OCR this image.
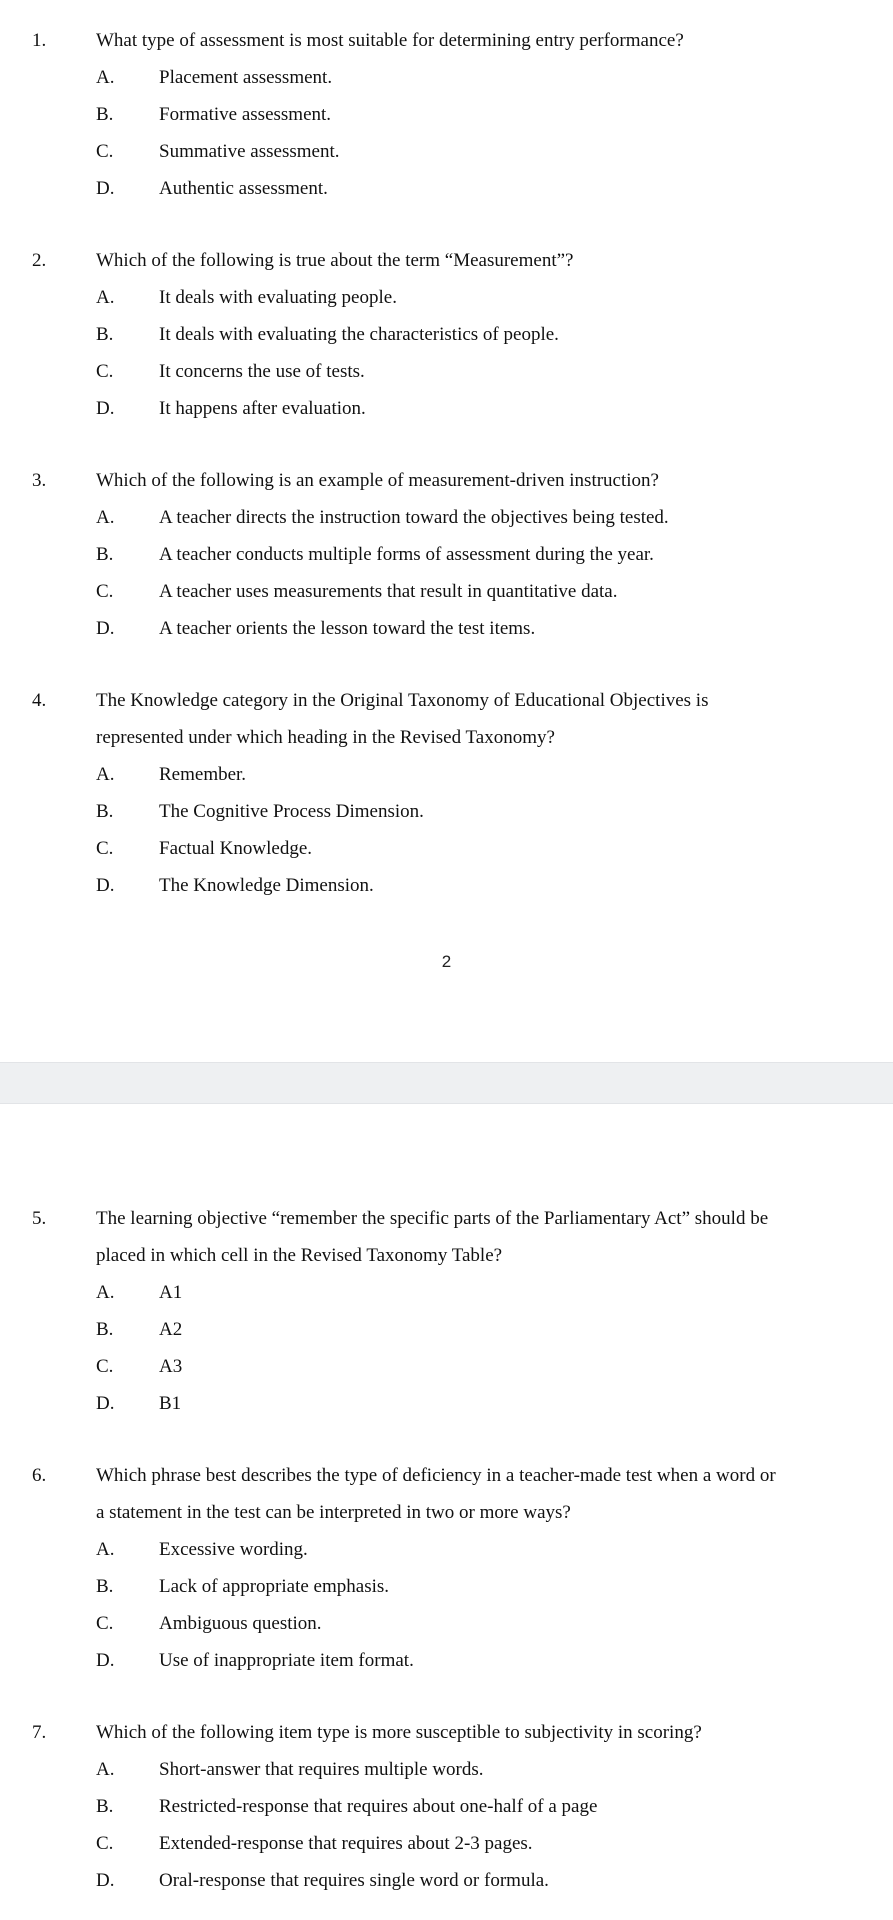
1.	What type of assessment is most suitable for determining entry performance?
A. Placement assessment.
B. Formative assessment.
C. Summative assessment.
D. Authentic assessment.
2.	Which of the following is true about the term “Measurement”?
A. It deals with evaluating people.
B. It deals with evaluating the characteristics of people.
C. It concerns the use of tests.
D. It happens after evaluation.
3.	Which of the following is an example of measurement-driven instruction?
A. A teacher directs the instruction toward the objectives being tested.
B. A teacher conducts multiple forms of assessment during the year.
C. A teacher uses measurements that result in quantitative data.
D. A teacher orients the lesson toward the test items.
4.	The Knowledge category in the Original Taxonomy of Educational Objectives is
represented under which heading in the Revised Taxonomy?
A. Remember.
B. The Cognitive Process Dimension.
C. Factual Knowledge.
D. The Knowledge Dimension.
2
5.	The learning objective “remember the specific parts of the Parliamentary Act” should be
placed in which cell in the Revised Taxonomy Table?
A. A1
B. A2
C. A3
D. B1
6.	Which phrase best describes the type of deficiency in a teacher-made test when a word or
a statement in the test can be interpreted in two or more ways?
A. Excessive wording.
B. Lack of appropriate emphasis.
C. Ambiguous question.
D. Use of inappropriate item format.
7.	Which of the following item type is more susceptible to subjectivity in scoring?
A. Short-answer that requires multiple words.
B. Restricted-response that requires about one-half of a page
C. Extended-response that requires about 2-3 pages.
D. Oral-response that requires single word or formula.
